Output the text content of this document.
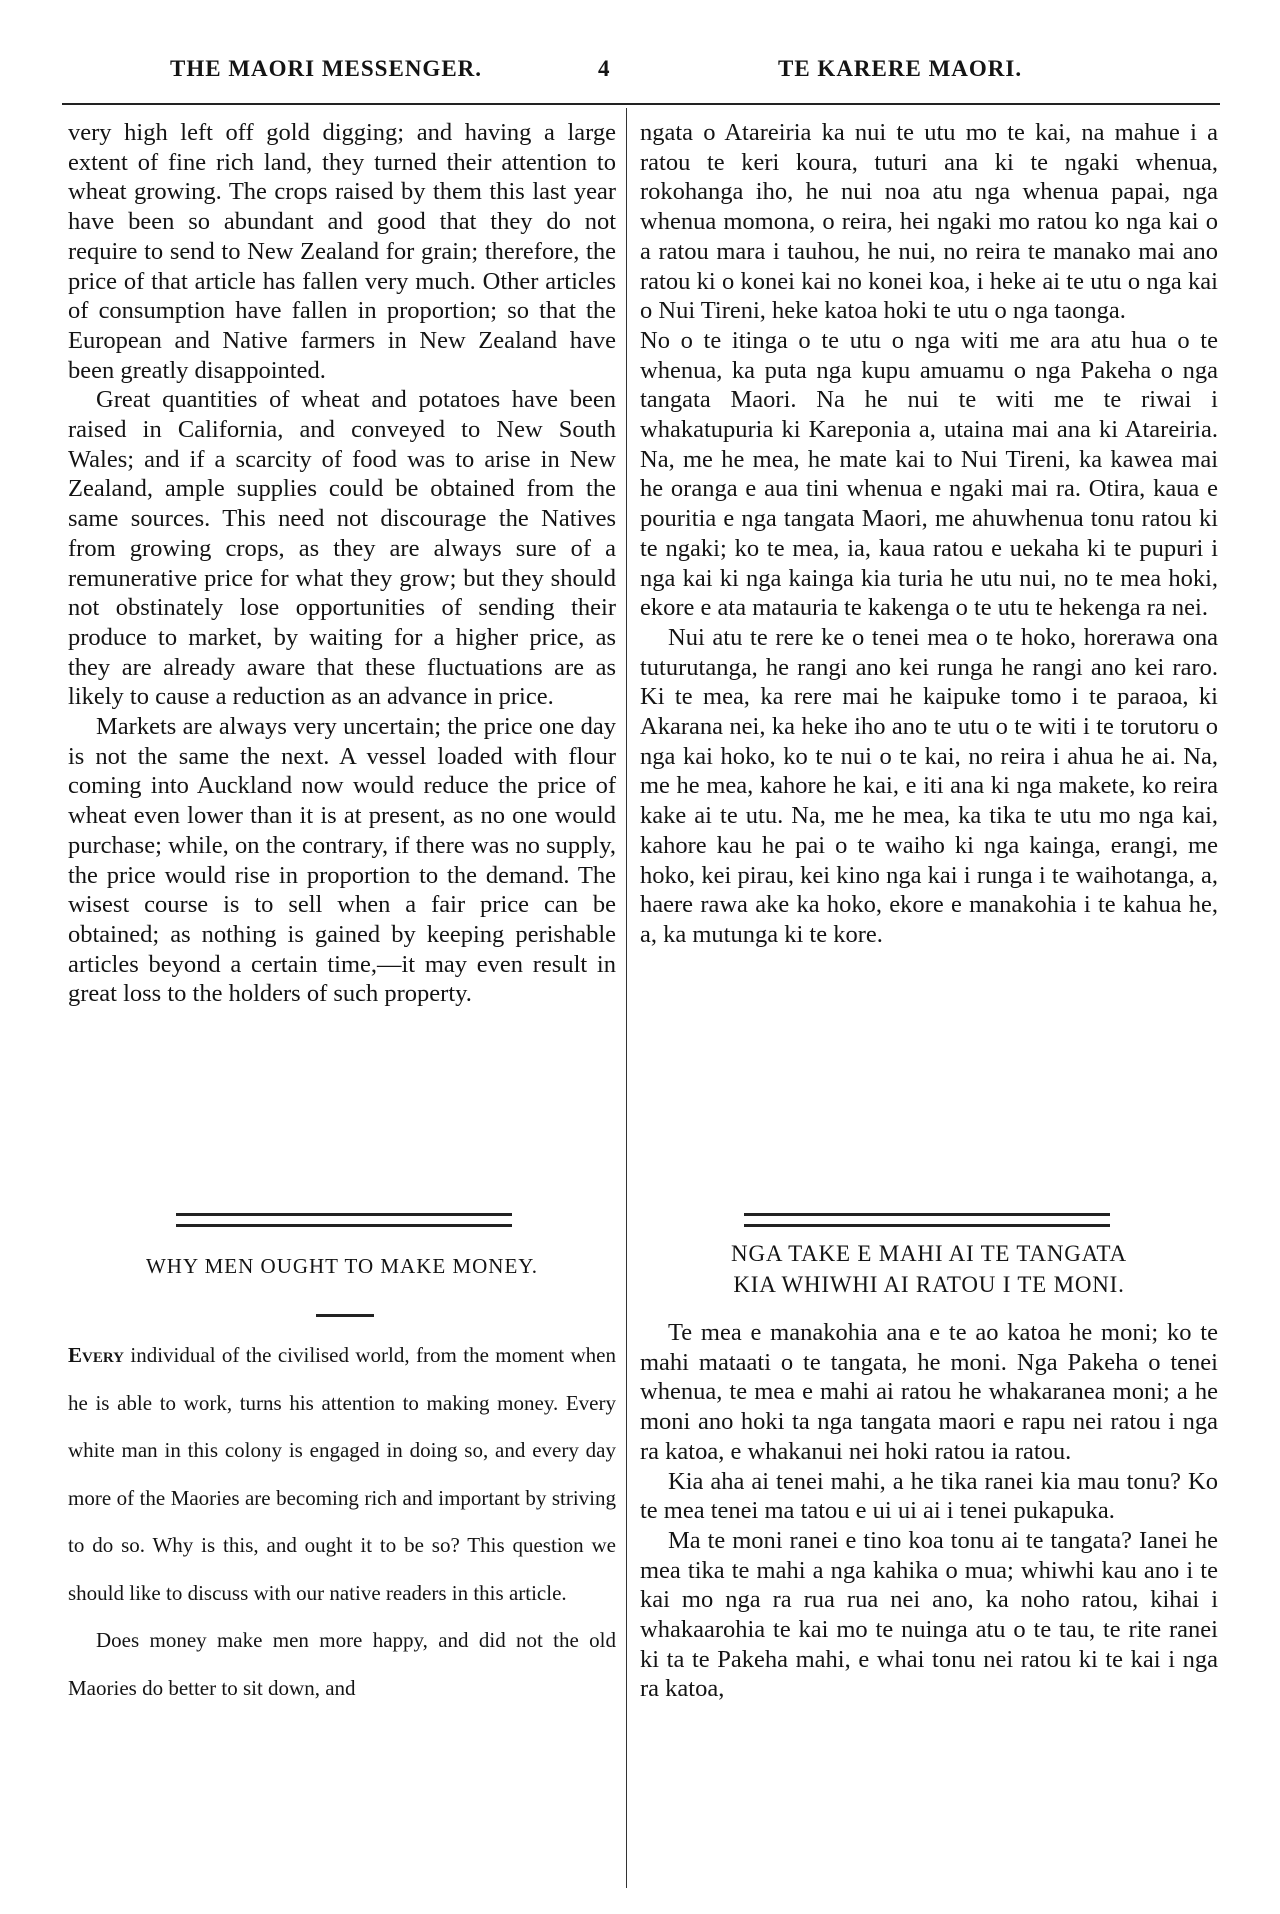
THE MAORI MESSENGER.	4	TE KARERE MAORI.

very high left off gold digging; and having a large extent of fine rich land, they turned their attention to wheat growing. The crops raised by them this last year have been so abundant and good that they do not require to send to New Zealand for grain; therefore, the price of that article has fallen very much. Other articles of consumption have fallen in proportion; so that the European and Native farmers in New Zealand have been greatly disappointed.

Great quantities of wheat and potatoes have been raised in California, and conveyed to New South Wales; and if a scarcity of food was to arise in New Zealand, ample supplies could be obtained from the same sources. This need not discourage the Natives from growing crops, as they are always sure of a remunerative price for what they grow; but they should not obstinately lose opportunities of sending their produce to market, by waiting for a higher price, as they are already aware that these fluctuations are as likely to cause a reduction as an advance in price.

Markets are always very uncertain; the price one day is not the same the next. A vessel loaded with flour coming into Auckland now would reduce the price of wheat even lower than it is at present, as no one would purchase; while, on the contrary, if there was no supply, the price would rise in proportion to the demand. The wisest course is to sell when a fair price can be obtained; as nothing is gained by keeping perishable articles beyond a certain time,—it may even result in great loss to the holders of such property.

ngata o Atareiria ka nui te utu mo te kai, na mahue i a ratou te keri koura, tuturi ana ki te ngaki whenua, rokohanga iho, he nui noa atu nga whenua papai, nga whenua momona, o reira, hei ngaki mo ratou ko nga kai o a ratou mara i tauhou, he nui, no reira te manako mai ano ratou ki o konei kai no konei koa, i heke ai te utu o nga kai o Nui Tireni, heke katoa hoki te utu o nga taonga.

No o te itinga o te utu o nga witi me ara atu hua o te whenua, ka puta nga kupu amuamu o nga Pakeha o nga tangata Maori. Na he nui te witi me te riwai i whakatupuria ki Kareponia a, utaina mai ana ki Atareiria. Na, me he mea, he mate kai to Nui Tireni, ka kawea mai he oranga e aua tini whenua e ngaki mai ra. Otira, kaua e pouritia e nga tangata Maori, me ahuwhenua tonu ratou ki te ngaki; ko te mea, ia, kaua ratou e uekaha ki te pupuri i nga kai ki nga kainga kia turia he utu nui, no te mea hoki, ekore e ata matauria te kakenga o te utu te hekenga ra nei.

Nui atu te rere ke o tenei mea o te hoko, horerawa ona tuturutanga, he rangi ano kei runga he rangi ano kei raro. Ki te mea, ka rere mai he kaipuke tomo i te paraoa, ki Akarana nei, ka heke iho ano te utu o te witi i te torutoru o nga kai hoko, ko te nui o te kai, no reira i ahua he ai. Na, me he mea, kahore he kai, e iti ana ki nga makete, ko reira kake ai te utu. Na, me he mea, ka tika te utu mo nga kai, kahore kau he pai o te waiho ki nga kainga, erangi, me hoko, kei pirau, kei kino nga kai i runga i te waihotanga, a, haere rawa ake ka hoko, ekore e manakohia i te kahua he, a, ka mutunga ki te kore.

WHY MEN OUGHT TO MAKE MONEY.	NGA TAKE E MAHI AI TE TANGATA
KIA WHIWHI AI RATOU I TE MONI.

Every individual of the civilised world, from the moment when he is able to work, turns his attention to making money. Every white man in this colony is engaged in doing so, and every day more of the Maories are becoming rich and important by striving to do so. Why is this, and ought it to be so? This question we should like to discuss with our native readers in this article.

Does money make men more happy, and did not the old Maories do better to sit down, and

Te mea e manakohia ana e te ao katoa he moni; ko te mahi mataati o te tangata, he moni. Nga Pakeha o tenei whenua, te mea e mahi ai ratou he whakaranea moni; a he moni ano hoki ta nga tangata maori e rapu nei ratou i nga ra katoa, e whakanui nei hoki ratou ia ratou.

Kia aha ai tenei mahi, a he tika ranei kia mau tonu? Ko te mea tenei ma tatou e ui ui ai i tenei pukapuka.

Ma te moni ranei e tino koa tonu ai te tangata? Ianei he mea tika te mahi a nga kahika o mua; whiwhi kau ano i te kai mo nga ra rua rua nei ano, ka noho ratou, kihai i whakaarohia te kai mo te nuinga atu o te tau, te rite ranei ki ta te Pakeha mahi, e whai tonu nei ratou ki te kai i nga ra katoa,
